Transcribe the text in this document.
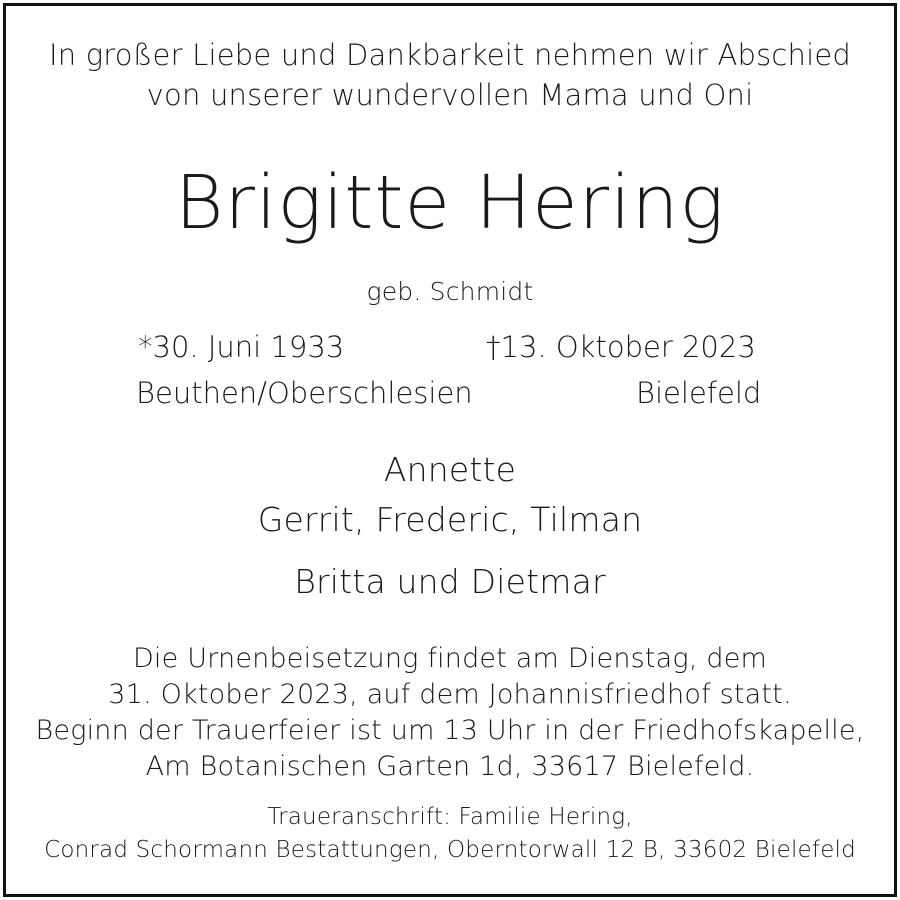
In großer Liebe und Dankbarkeit nehmen wir Abschied
von unserer wundervollen Mama und Oni
Brigitte Hering
geb. Schmidt
*30. Juni 1933	†13. Oktober 2023
Beuthen/Oberschlesien	Bielefeld
Annette
Gerrit, Frederic, Tilman
Britta und Dietmar
Die Urnenbeisetzung findet am Dienstag, dem
31. Oktober 2023, auf dem Johannisfriedhof statt.
Beginn der Trauerfeier ist um 13 Uhr in der Friedhofskapelle,
Am Botanischen Garten 1d, 33617 Bielefeld.
Traueranschrift: Familie Hering,
Conrad Schormann Bestattungen, Oberntorwall 12 B, 33602 Bielefeld
